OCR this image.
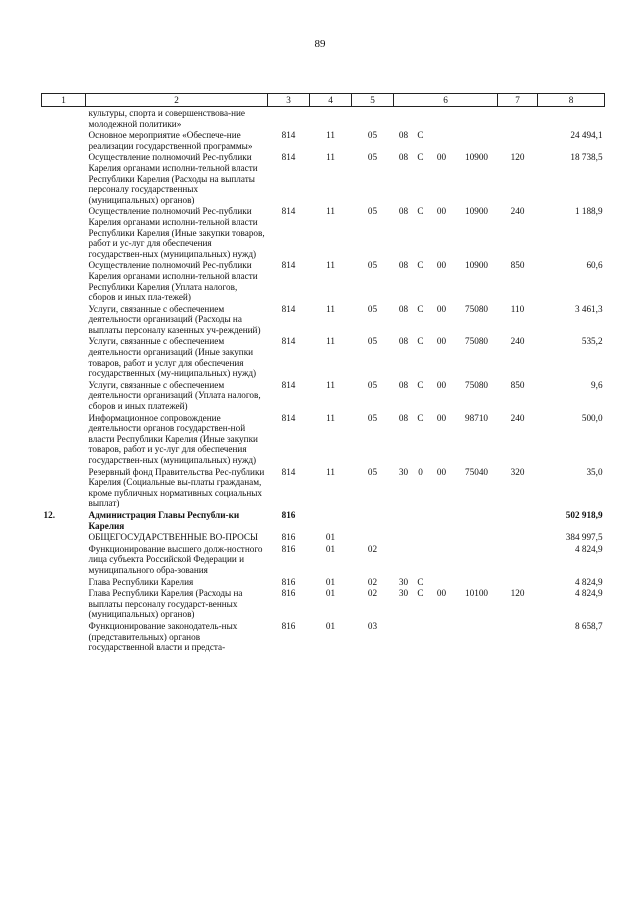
89
1	2	3	4	5	6				7	8
	культуры, спорта и совершенствова-ние молодежной политики»									
	Основное мероприятие «Обеспече-ние реализации государственной программы»	814	11	05	08	С				24 494,1
	Осуществление полномочий Рес-публики Карелия органами исполни-тельной власти Республики Карелия (Расходы на выплаты персоналу государственных (муниципальных) органов)	814	11	05	08	С	00	10900	120	18 738,5
	Осуществление полномочий Рес-публики Карелия органами исполни-тельной власти Республики Карелия (Иные закупки товаров, работ и ус-луг для обеспечения государствен-ных (муниципальных) нужд)	814	11	05	08	С	00	10900	240	1 188,9
	Осуществление полномочий Рес-публики Карелия органами исполни-тельной власти Республики Карелия (Уплата налогов, сборов и иных пла-тежей)	814	11	05	08	С	00	10900	850	60,6
	Услуги, связанные с обеспечением деятельности организаций (Расходы на выплаты персоналу казенных уч-реждений)	814	11	05	08	С	00	75080	110	3 461,3
	Услуги, связанные с обеспечением деятельности организаций (Иные закупки товаров, работ и услуг для обеспечения государственных (му-ниципальных) нужд)	814	11	05	08	С	00	75080	240	535,2
	Услуги, связанные с обеспечением деятельности организаций (Уплата налогов, сборов и иных платежей)	814	11	05	08	С	00	75080	850	9,6
	Информационное сопровождение деятельности органов государствен-ной власти Республики Карелия (Иные закупки товаров, работ и ус-луг для обеспечения государствен-ных (муниципальных) нужд)	814	11	05	08	С	00	98710	240	500,0
	Резервный фонд Правительства Рес-публики Карелия (Социальные вы-платы гражданам, кроме публичных нормативных социальных выплат)	814	11	05	30	0	00	75040	320	35,0
12.	Администрация Главы Республи-ки Карелия	816								502 918,9
	ОБЩЕГОСУДАРСТВЕННЫЕ ВО-ПРОСЫ	816	01							384 997,5
	Функционирование высшего долж-ностного лица субъекта Российской Федерации и муниципального обра-зования	816	01	02						4 824,9
	Глава Республики Карелия	816	01	02	30	С				4 824,9
	Глава Республики Карелия (Расходы на выплаты персоналу государст-венных (муниципальных) органов)	816	01	02	30	С	00	10100	120	4 824,9
	Функционирование законодатель-ных (представительных) органов государственной власти и предста-	816	01	03						8 658,7
